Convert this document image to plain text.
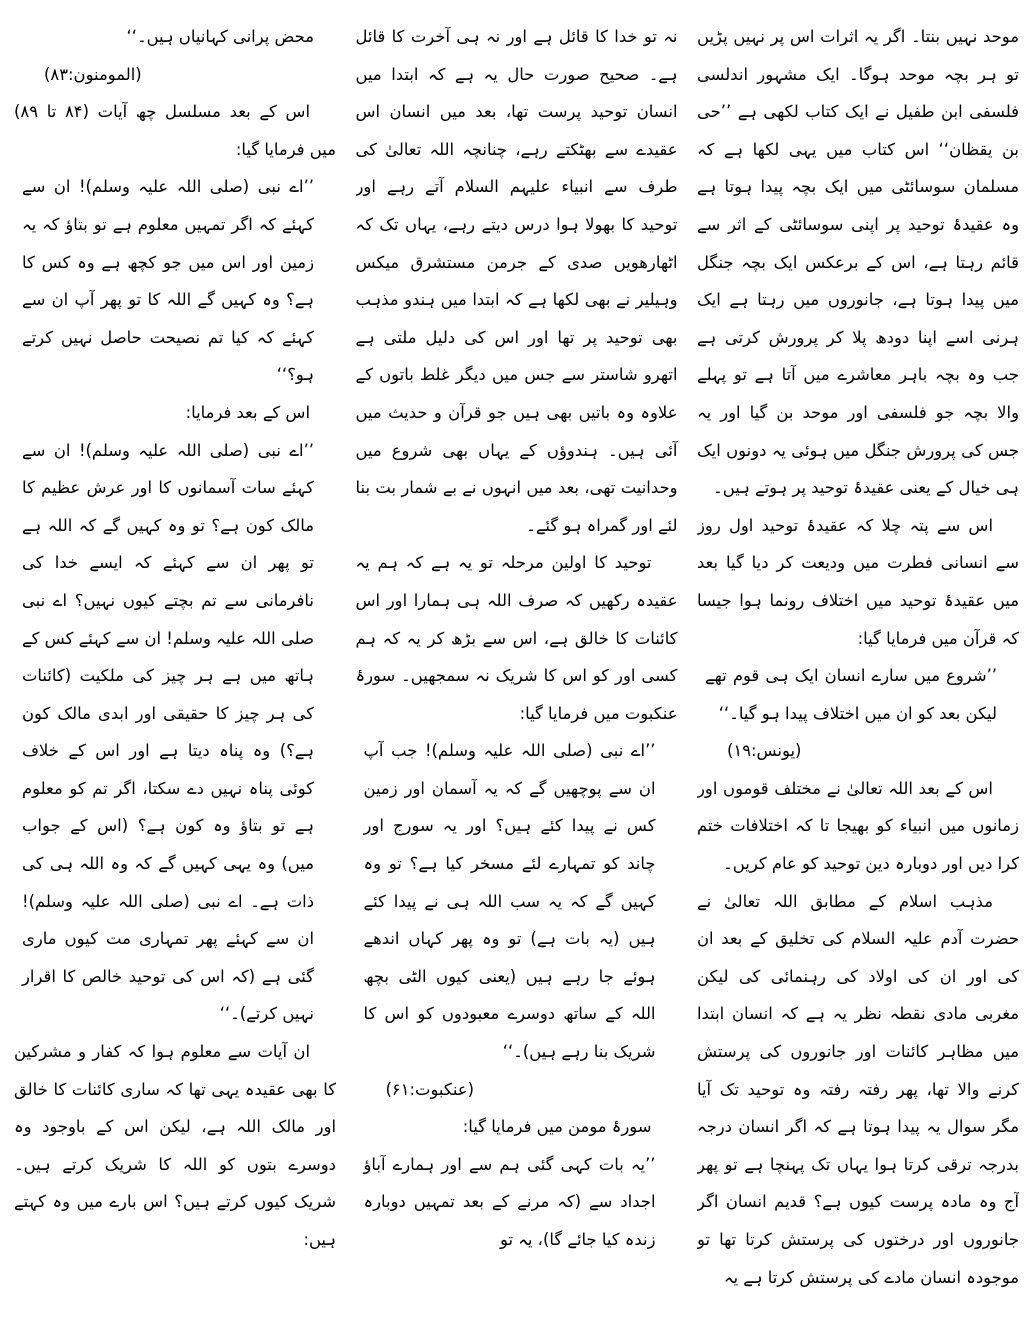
موحد نہیں بنتا۔ اگر یہ اثرات اس پر نہیں پڑیں تو ہر بچہ موحد ہوگا۔ ایک مشہور اندلسی فلسفی ابن طفیل نے ایک کتاب لکھی ہے ’’حی بن یقظان‘‘ اس کتاب میں یہی لکھا ہے کہ مسلمان سوسائٹی میں ایک بچہ پیدا ہوتا ہے وہ عقیدۂ توحید پر اپنی سوسائٹی کے اثر سے قائم رہتا ہے، اس کے برعکس ایک بچہ جنگل میں پیدا ہوتا ہے، جانوروں میں رہتا ہے ایک ہرنی اسے اپنا دودھ پلا کر پرورش کرتی ہے جب وہ بچہ باہر معاشرے میں آتا ہے تو پہلے والا بچہ جو فلسفی اور موحد بن گیا اور یہ جس کی پرورش جنگل میں ہوئی یہ دونوں ایک ہی خیال کے یعنی عقیدۂ توحید پر ہوتے ہیں۔

اس سے پتہ چلا کہ عقیدۂ توحید اول روز سے انسانی فطرت میں ودیعت کر دیا گیا بعد میں عقیدۂ توحید میں اختلاف رونما ہوا جیسا کہ قرآن میں فرمایا گیا:

’’شروع میں سارے انسان ایک ہی قوم تھے لیکن بعد کو ان میں اختلاف پیدا ہو گیا۔‘‘

(یونس:۱۹)

اس کے بعد اللہ تعالیٰ نے مختلف قوموں اور زمانوں میں انبیاء کو بھیجا تا کہ اختلافات ختم کرا دیں اور دوبارہ دین توحید کو عام کریں۔

مذہب اسلام کے مطابق اللہ تعالیٰ نے حضرت آدم علیہ السلام کی تخلیق کے بعد ان کی اور ان کی اولاد کی رہنمائی کی لیکن مغربی مادی نقطہ نظر یہ ہے کہ انسان ابتدا میں مظاہر کائنات اور جانوروں کی پرستش کرنے والا تھا، پھر رفتہ رفتہ وہ توحید تک آیا مگر سوال یہ پیدا ہوتا ہے کہ اگر انسان درجہ بدرجہ ترقی کرتا ہوا یہاں تک پہنچا ہے تو پھر آج وہ مادہ پرست کیوں ہے؟ قدیم انسان اگر جانوروں اور درختوں کی پرستش کرتا تھا تو موجودہ انسان مادے کی پرستش کرتا ہے یہ

نہ تو خدا کا قائل ہے اور نہ ہی آخرت کا قائل ہے۔ صحیح صورت حال یہ ہے کہ ابتدا میں انسان توحید پرست تھا، بعد میں انسان اس عقیدے سے بھٹکتے رہے، چنانچہ اللہ تعالیٰ کی طرف سے انبیاء علیہم السلام آتے رہے اور توحید کا بھولا ہوا درس دیتے رہے، یہاں تک کہ اٹھارھویں صدی کے جرمن مستشرق میکس وہیلیر نے بھی لکھا ہے کہ ابتدا میں ہندو مذہب بھی توحید پر تھا اور اس کی دلیل ملتی ہے اتھرو شاستر سے جس میں دیگر غلط باتوں کے علاوہ وہ باتیں بھی ہیں جو قرآن و حدیث میں آئی ہیں۔ ہندوؤں کے یہاں بھی شروع میں وحدانیت تھی، بعد میں انہوں نے بے شمار بت بنا لئے اور گمراہ ہو گئے۔

توحید کا اولین مرحلہ تو یہ ہے کہ ہم یہ عقیدہ رکھیں کہ صرف اللہ ہی ہمارا اور اس کائنات کا خالق ہے، اس سے بڑھ کر یہ کہ ہم کسی اور کو اس کا شریک نہ سمجھیں۔ سورۂ عنکبوت میں فرمایا گیا:

’’اے نبی (صلی اللہ علیہ وسلم)! جب آپ ان سے پوچھیں گے کہ یہ آسمان اور زمین کس نے پیدا کئے ہیں؟ اور یہ سورج اور چاند کو تمہارے لئے مسخر کیا ہے؟ تو وہ کہیں گے کہ یہ سب اللہ ہی نے پیدا کئے ہیں (یہ بات ہے) تو وہ پھر کہاں اندھے ہوئے جا رہے ہیں (یعنی کیوں الٹی بچھ اللہ کے ساتھ دوسرے معبودوں کو اس کا شریک بنا رہے ہیں)۔‘‘

(عنکبوت:۶۱)

سورۂ مومن میں فرمایا گیا:

’’یہ بات کہی گئی ہم سے اور ہمارے آباؤ اجداد سے (کہ مرنے کے بعد تمہیں دوبارہ زندہ کیا جائے گا)، یہ تو

محض پرانی کہانیاں ہیں۔‘‘

(المومنون:۸۳)

اس کے بعد مسلسل چھ آیات (۸۴ تا ۸۹) میں فرمایا گیا:

’’اے نبی (صلی اللہ علیہ وسلم)! ان سے کہئے کہ اگر تمہیں معلوم ہے تو بتاؤ کہ یہ زمین اور اس میں جو کچھ ہے وہ کس کا ہے؟ وہ کہیں گے اللہ کا تو پھر آپ ان سے کہئے کہ کیا تم نصیحت حاصل نہیں کرتے ہو؟‘‘

اس کے بعد فرمایا:

’’اے نبی (صلی اللہ علیہ وسلم)! ان سے کہئے سات آسمانوں کا اور عرش عظیم کا مالک کون ہے؟ تو وہ کہیں گے کہ اللہ ہے تو پھر ان سے کہئے کہ ایسے خدا کی نافرمانی سے تم بچتے کیوں نہیں؟ اے نبی صلی اللہ علیہ وسلم! ان سے کہئے کس کے ہاتھ میں ہے ہر چیز کی ملکیت (کائنات کی ہر چیز کا حقیقی اور ابدی مالک کون ہے؟) وہ پناہ دیتا ہے اور اس کے خلاف کوئی پناہ نہیں دے سکتا، اگر تم کو معلوم ہے تو بتاؤ وہ کون ہے؟ (اس کے جواب میں) وہ یہی کہیں گے کہ وہ اللہ ہی کی ذات ہے۔ اے نبی (صلی اللہ علیہ وسلم)! ان سے کہئے پھر تمہاری مت کیوں ماری گئی ہے (کہ اس کی توحید خالص کا اقرار نہیں کرتے)۔‘‘

ان آیات سے معلوم ہوا کہ کفار و مشرکین کا بھی عقیدہ یہی تھا کہ ساری کائنات کا خالق اور مالک اللہ ہے، لیکن اس کے باوجود وہ دوسرے بتوں کو اللہ کا شریک کرتے ہیں۔ شریک کیوں کرتے ہیں؟ اس بارے میں وہ کہتے ہیں:
